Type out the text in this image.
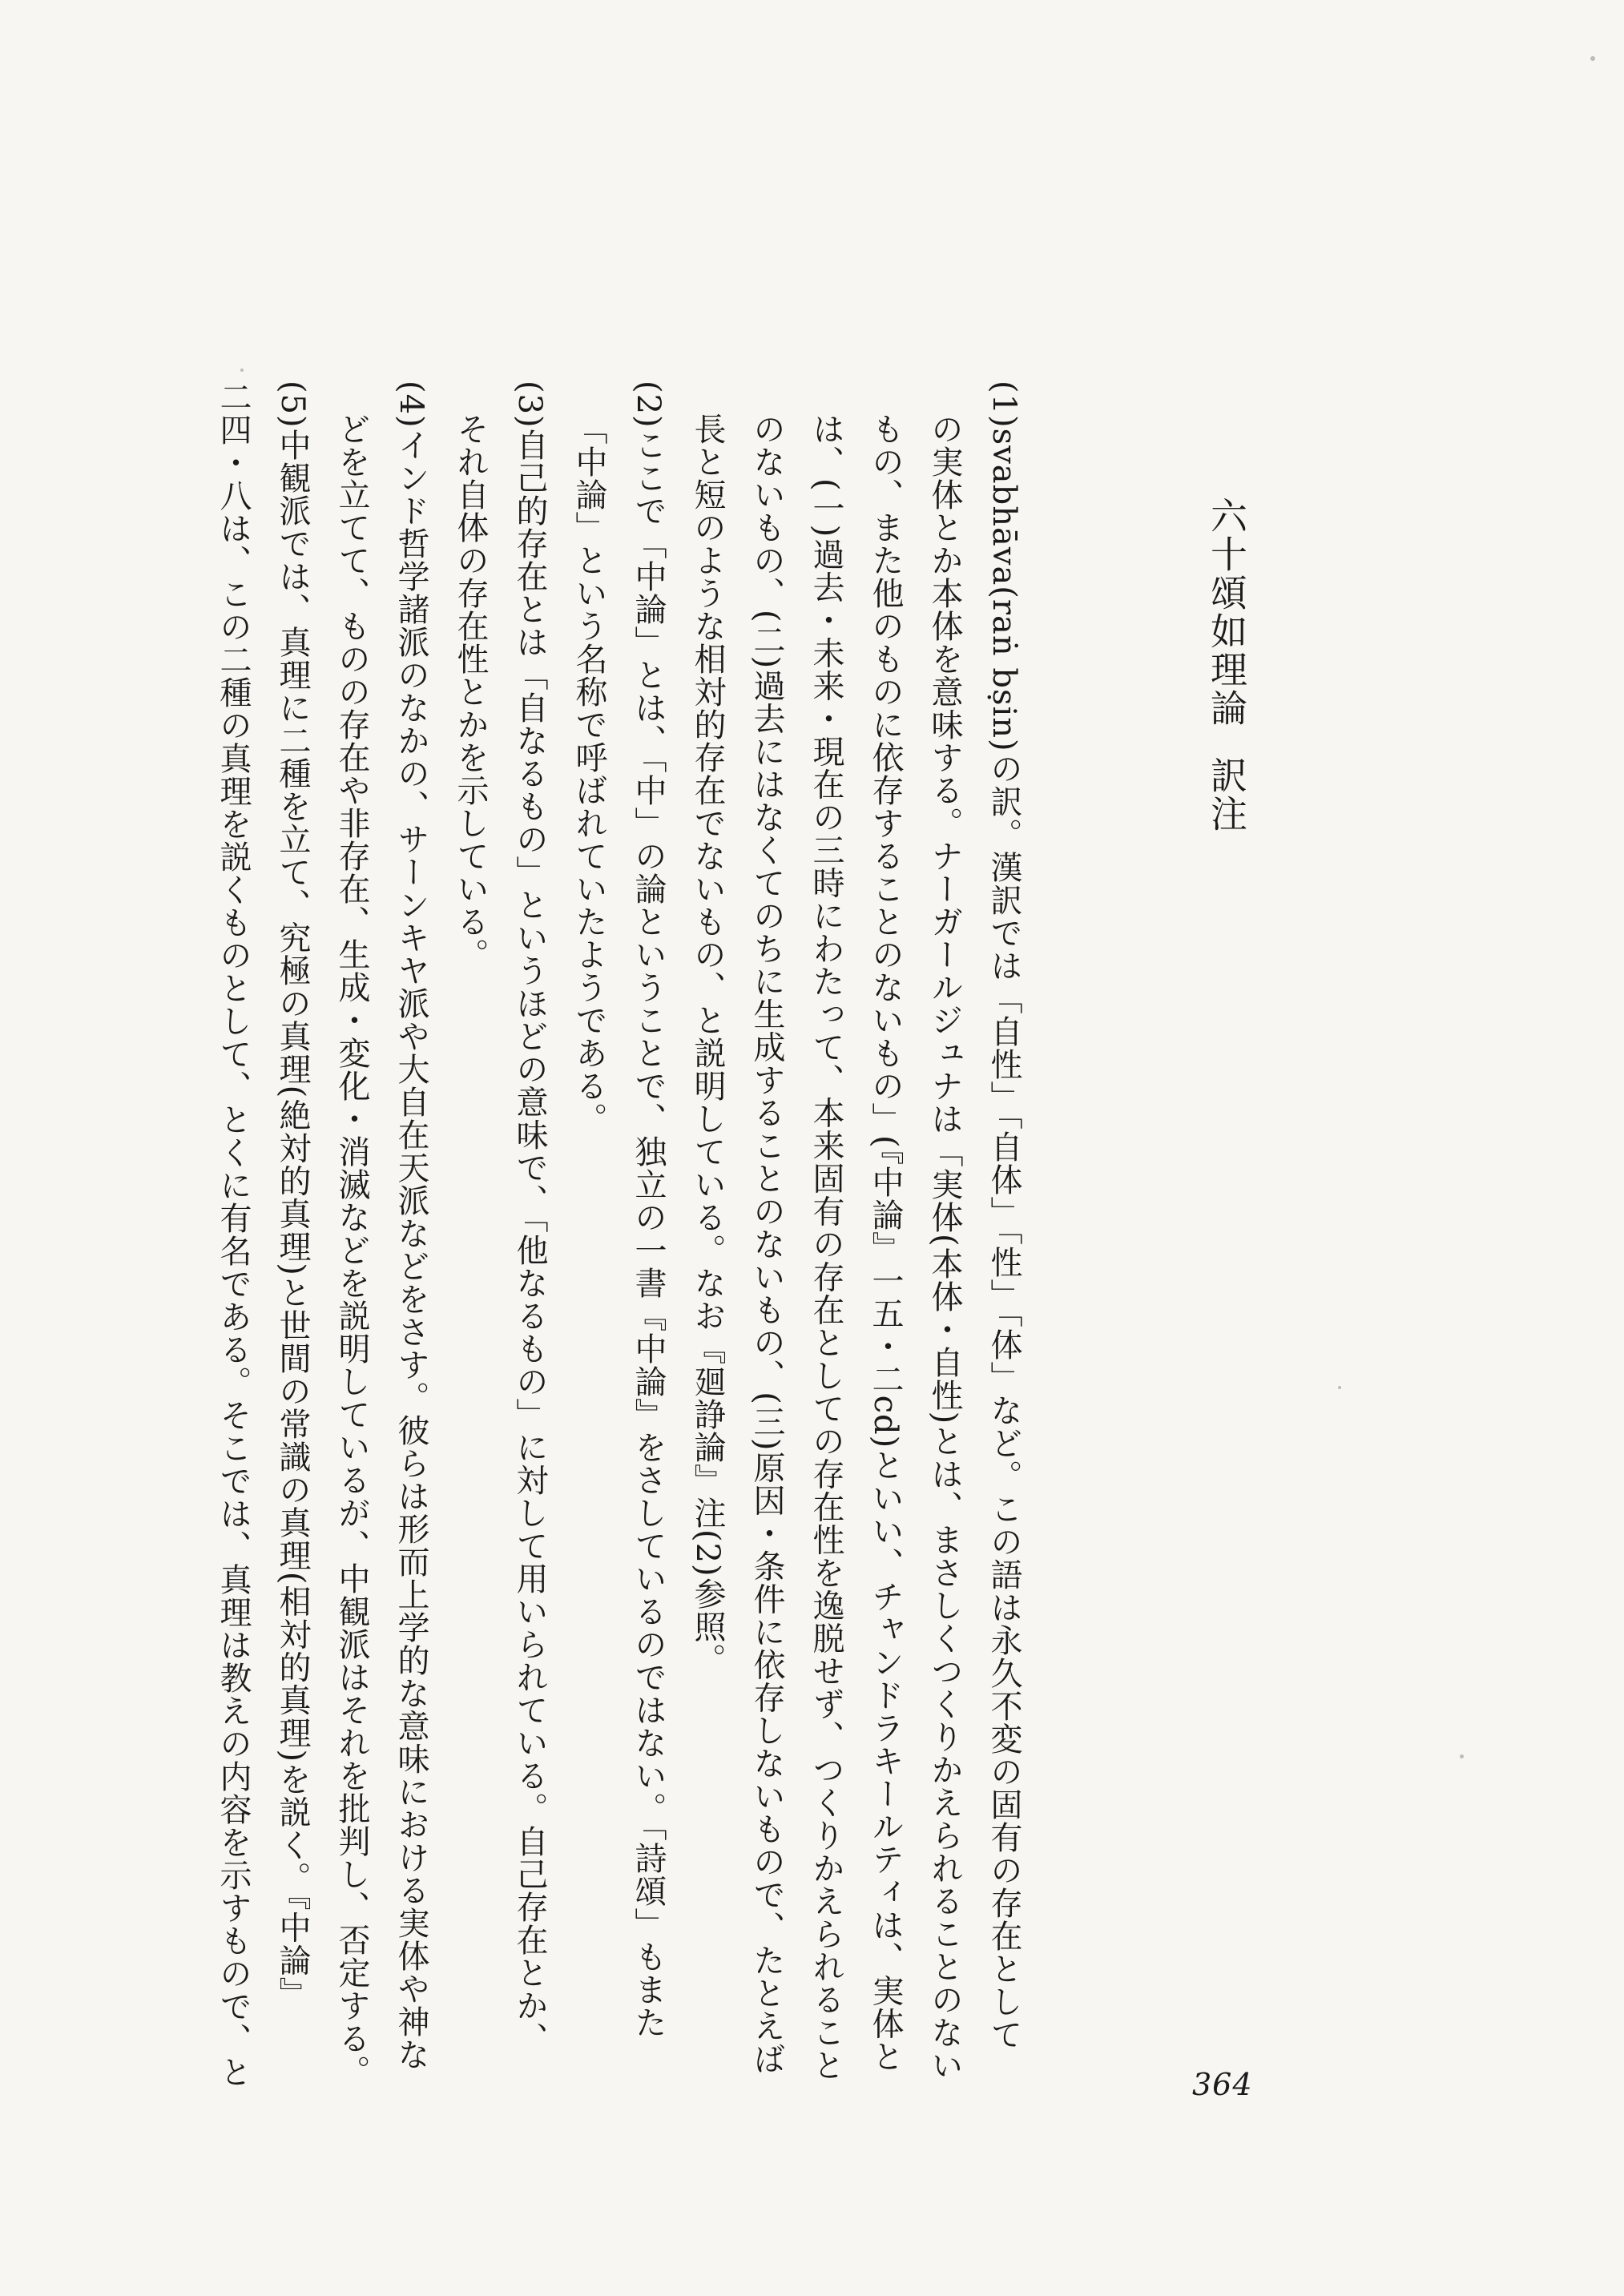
六十頌如理論訳注
(1)svabhāva(raṅ bṣin)の訳。漢訳では「自性」「自体」「性」「体」など。この語は永久不変の固有の存在として
の実体とか本体を意味する。ナーガールジュナは「実体(本体・自性)とは、まさしくつくりかえられることのない
もの、また他のものに依存することのないもの」(『中論』一五・二cd)といい、チャンドラキールティは、実体と
は、(一)過去・未来・現在の三時にわたって、本来固有の存在としての存在性を逸脱せず、つくりかえられること
のないもの、(二)過去にはなくてのちに生成することのないもの、(三)原因・条件に依存しないもので、たとえば
長と短のような相対的存在でないもの、と説明している。なお『廻諍論』注(2)参照。
(2)ここで「中論」とは、「中」の論ということで、独立の一書『中論』をさしているのではない。「詩頌」もまた
「中論」という名称で呼ばれていたようである。
(3)自己的存在とは「自なるもの」というほどの意味で、「他なるもの」に対して用いられている。自己存在とか、
それ自体の存在性とかを示している。
(4)インド哲学諸派のなかの、サーンキヤ派や大自在天派などをさす。彼らは形而上学的な意味における実体や神な
どを立てて、ものの存在や非存在、生成・変化・消滅などを説明しているが、中観派はそれを批判し、否定する。
(5)中観派では、真理に二種を立て、究極の真理(絶対的真理)と世間の常識の真理(相対的真理)を説く。『中論』
二四・八は、この二種の真理を説くものとして、とくに有名である。そこでは、真理は教えの内容を示すもので、と	364
